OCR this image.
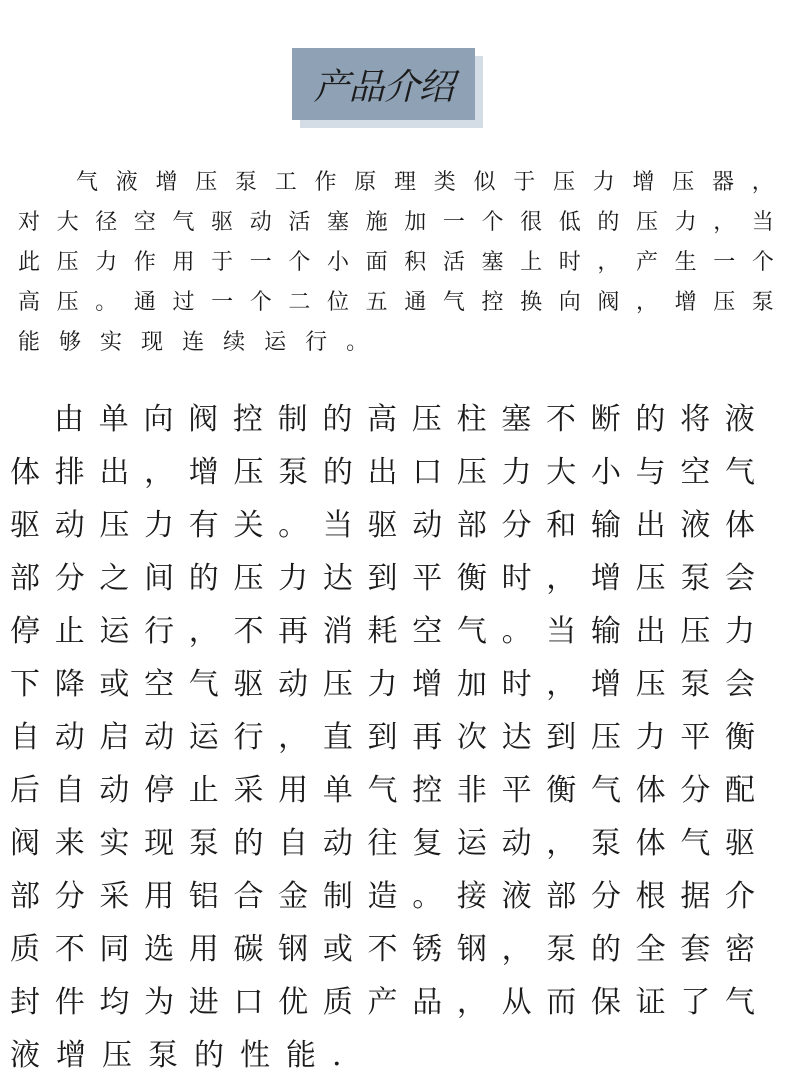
产品介绍
气 液 增 压 泵 工 作 原 理 类 似 于 压 力 增 压 器 ，
对 大 径 空 气 驱 动 活 塞 施 加 一 个 很 低 的 压 力 ， 当
此 压 力 作 用 于 一 个 小 面 积 活 塞 上 时 ， 产 生 一 个
高 压 。 通 过 一 个 二 位 五 通 气 控 换 向 阀 ， 增 压 泵
能 够 实 现 连 续 运 行 。
由 单 向 阀 控 制 的 高 压 柱 塞 不 断 的 将 液
体 排 出 ， 增 压 泵 的 出 口 压 力 大 小 与 空 气
驱 动 压 力 有 关 。 当 驱 动 部 分 和 输 出 液 体
部 分 之 间 的 压 力 达 到 平 衡 时 ， 增 压 泵 会
停 止 运 行 ， 不 再 消 耗 空 气 。 当 输 出 压 力
下 降 或 空 气 驱 动 压 力 增 加 时 ， 增 压 泵 会
自 动 启 动 运 行 ， 直 到 再 次 达 到 压 力 平 衡
后 自 动 停 止 采 用 单 气 控 非 平 衡 气 体 分 配
阀 来 实 现 泵 的 自 动 往 复 运 动 ， 泵 体 气 驱
部 分 采 用 铝 合 金 制 造 。 接 液 部 分 根 据 介
质 不 同 选 用 碳 钢 或 不 锈 钢 ， 泵 的 全 套 密
封 件 均 为 进 口 优 质 产 品 ， 从 而 保 证 了 气
液 增 压 泵 的 性 能 .
